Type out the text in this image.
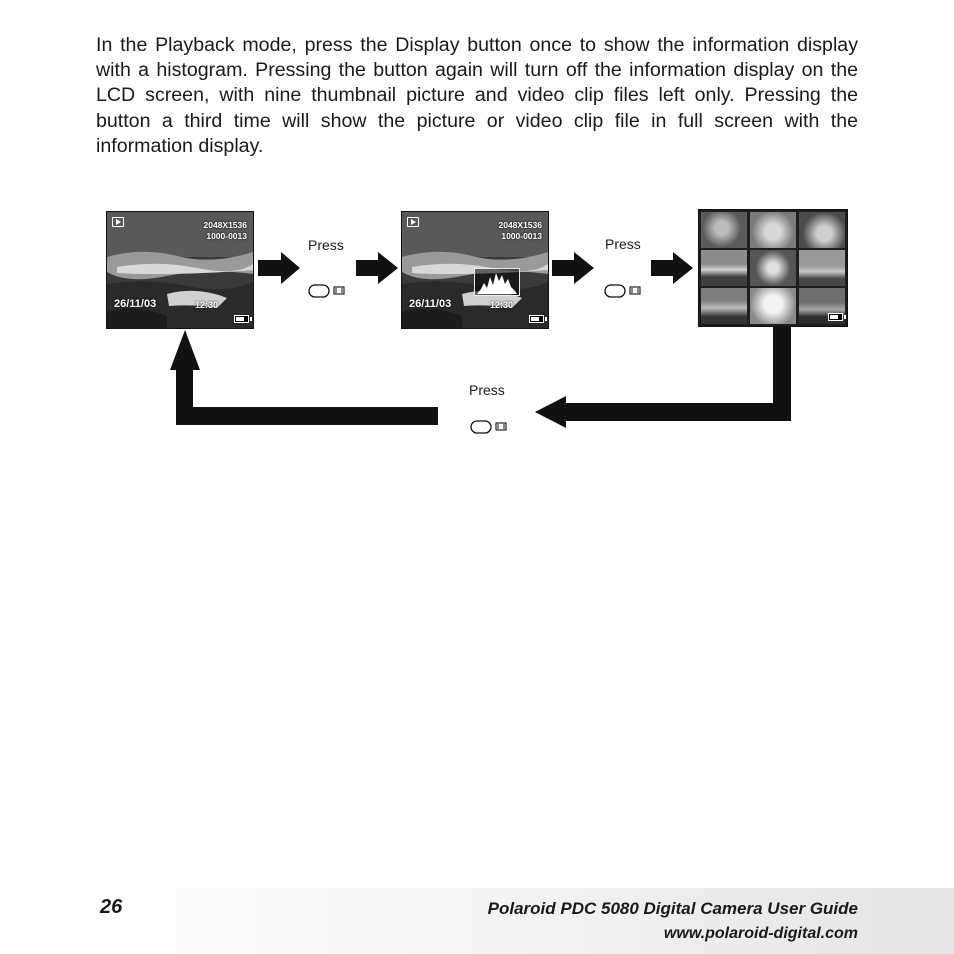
In the Playback mode, press the Display button once to show the information display with a histogram. Pressing the button again will turn off the information display on the LCD screen, with nine thumbnail picture and video clip files left only. Pressing the button a third time will show the picture or video clip file in full screen with the information display.

2048X1536
1000-0013
26/11/03	12:30
2048X1536
1000-0013
26/11/03	12:30
Press	Press
Press
26	Polaroid PDC 5080 Digital Camera User Guide
www.polaroid-digital.com
